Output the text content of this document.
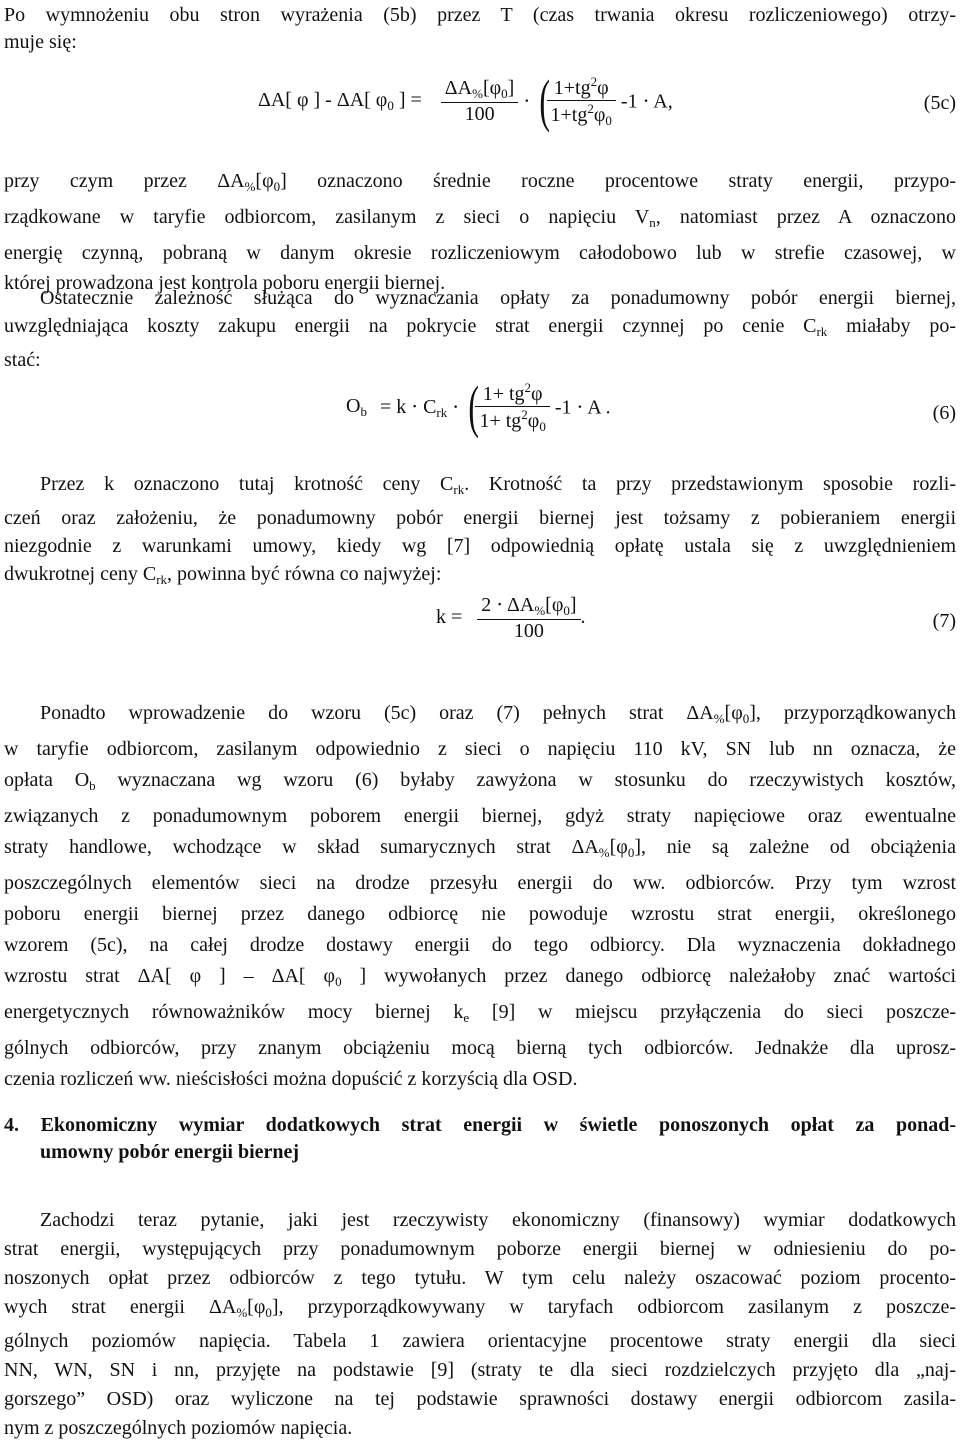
Po wymnożeniu obu stron wyrażenia (5b) przez T (czas trwania okresu rozliczeniowego) otrzy-
muje się:
ΔA[ φ ] - ΔA[ $\varphi_0$ ] = $\frac{\Delta A_{\%}[\varphi_0]}{100}$ ⋅ (
$\frac{1+tg^2\varphi}{1+tg^2\varphi_0} -1 \cdot A$,	(5c)
przy czym przez $\Delta A_{\%}[\varphi_0]$ oznaczono średnie roczne procentowe straty energii, przypo-
rządkowane w taryfie odbiorcom, zasilanym z sieci o napięciu $V_n$, natomiast przez A oznaczono
energię czynną, pobraną w danym okresie rozliczeniowym całodobowo lub w strefie czasowej, w
której prowadzona jest kontrola poboru energii biernej.
Ostatecznie zależność służąca do wyznaczania opłaty za ponadumowny pobór energii biernej,
uwzględniająca koszty zakupu energii na pokrycie strat energii czynnej po cenie $C_{rk}$ miałaby po-
stać:
$O_b = k \cdot C_{rk}$ ⋅ (
$\frac{1+ tg^2\varphi}{1+ tg^2\varphi_0} -1 \cdot A$ .	(6)
Przez k oznaczono tutaj krotność ceny $C_{rk}$. Krotność ta przy przedstawionym sposobie rozli-
czeń oraz założeniu, że ponadumowny pobór energii biernej jest tożsamy z pobieraniem energii
niezgodnie z warunkami umowy, kiedy wg [7] odpowiednią opłatę ustala się z uwzględnieniem
dwukrotnej ceny $C_{rk}$, powinna być równa co najwyżej:
$k = \frac{2 \cdot \Delta A_{\%}[\varphi_0]}{100}$ .	(7)
Ponadto wprowadzenie do wzoru (5c) oraz (7) pełnych strat $\Delta A_{\%}[\varphi_0]$, przyporządkowanych
w taryfie odbiorcom, zasilanym odpowiednio z sieci o napięciu 110 kV, SN lub nn oznacza, że
opłata $O_b$ wyznaczana wg wzoru (6) byłaby zawyżona w stosunku do rzeczywistych kosztów,
związanych z ponadumownym poborem energii biernej, gdyż straty napięciowe oraz ewentualne
straty handlowe, wchodzące w skład sumarycznych strat $\Delta A_{\%}[\varphi_0]$, nie są zależne od obciążenia
poszczególnych elementów sieci na drodze przesyłu energii do ww. odbiorców. Przy tym wzrost
poboru energii biernej przez danego odbiorcę nie powoduje wzrostu strat energii, określonego
wzorem (5c), na całej drodze dostawy energii do tego odbiorcy. Dla wyznaczenia dokładnego
wzrostu strat ΔA[ φ ] – ΔA[ $\varphi_0$ ] wywołanych przez danego odbiorcę należałoby znać wartości
energetycznych równoważników mocy biernej $k_e$ [9] w miejscu przyłączenia do sieci poszcze-
gólnych odbiorców, przy znanym obciążeniu mocą bierną tych odbiorców. Jednakże dla uprosz-
czenia rozliczeń ww. nieścisłości można dopuścić z korzyścią dla OSD.
4. Ekonomiczny wymiar dodatkowych strat energii w świetle ponoszonych opłat za ponad-
umowny pobór energii biernej
Zachodzi teraz pytanie, jaki jest rzeczywisty ekonomiczny (finansowy) wymiar dodatkowych
strat energii, występujących przy ponadumownym poborze energii biernej w odniesieniu do po-
noszonych opłat przez odbiorców z tego tytułu. W tym celu należy oszacować poziom procento-
wych strat energii $\Delta A_{\%}[\varphi_0]$, przyporządkowywany w taryfach odbiorcom zasilanym z poszcze-
gólnych poziomów napięcia. Tabela 1 zawiera orientacyjne procentowe straty energii dla sieci
NN, WN, SN i nn, przyjęte na podstawie [9] (straty te dla sieci rozdzielczych przyjęto dla „naj-
gorszego” OSD) oraz wyliczone na tej podstawie sprawności dostawy energii odbiorcom zasila-
nym z poszczególnych poziomów napięcia.
